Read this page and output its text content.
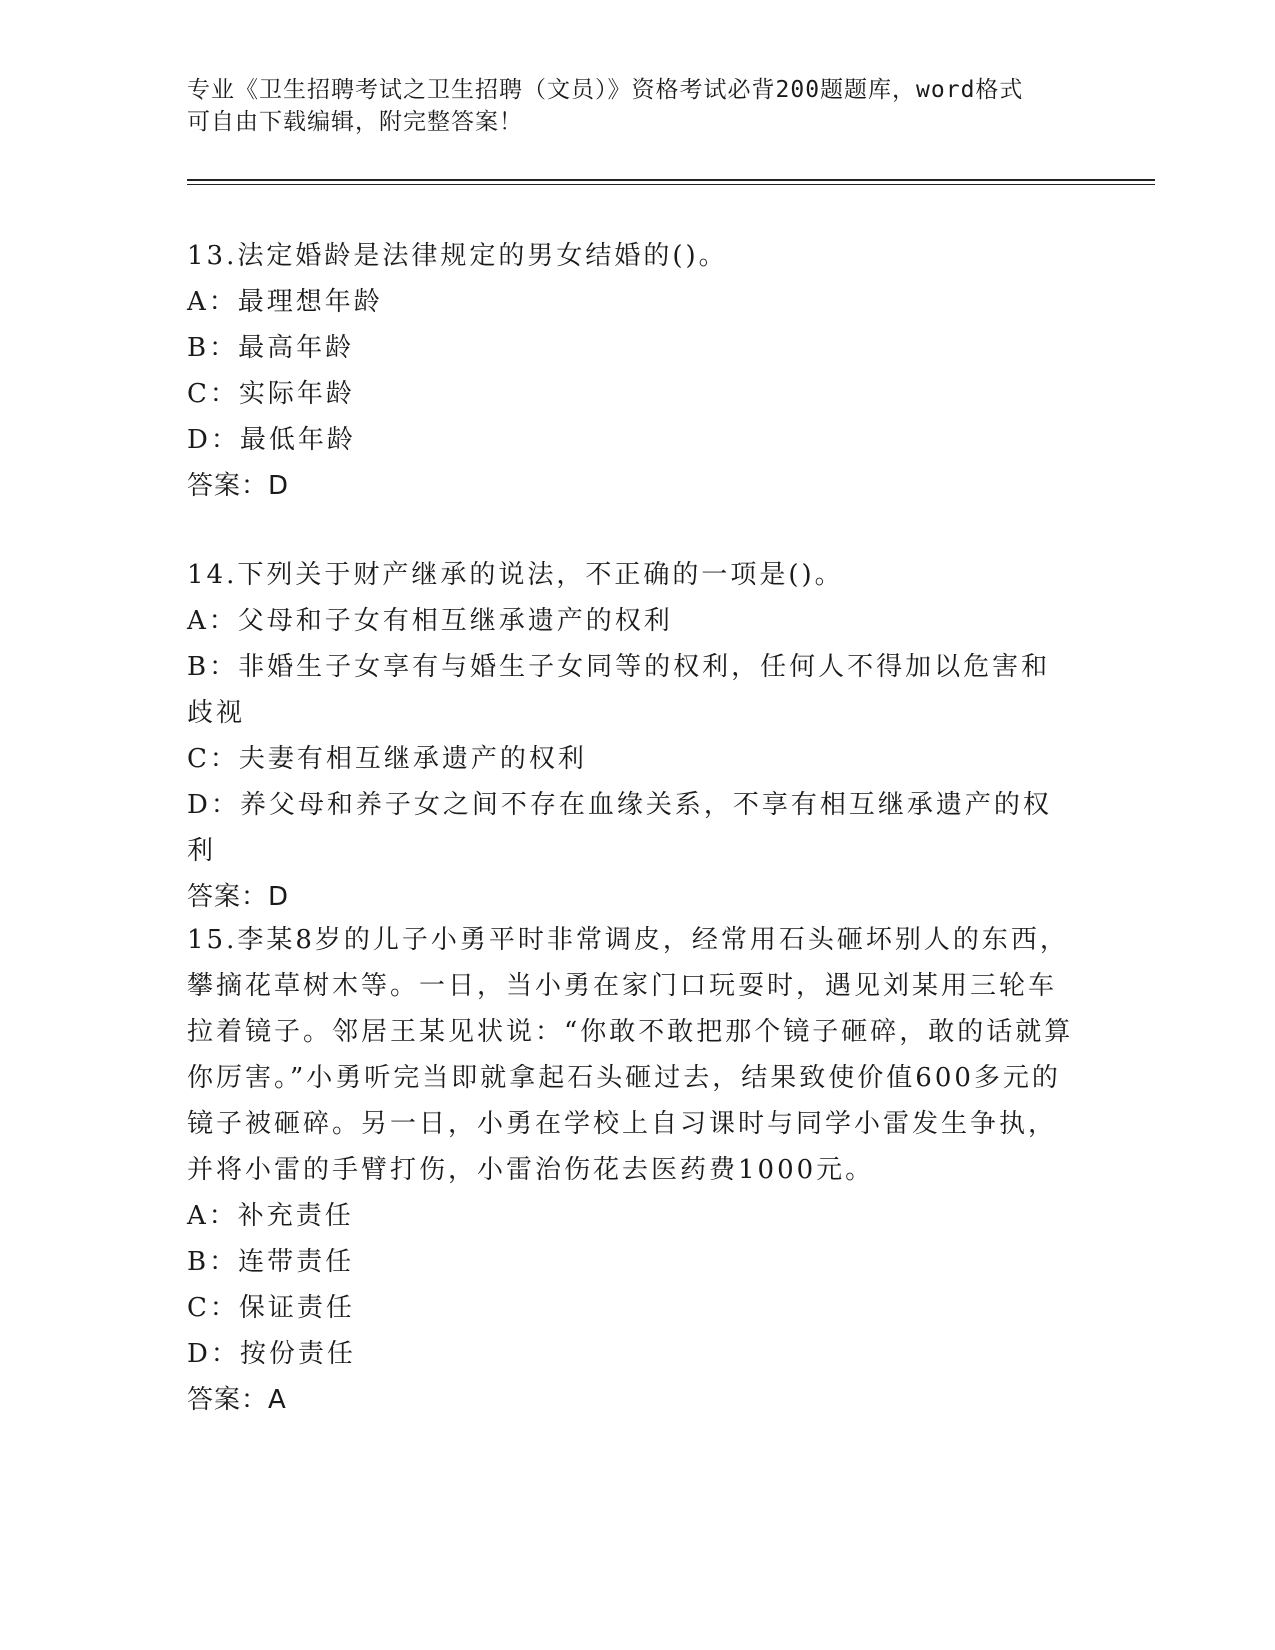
专业《卫生招聘考试之卫生招聘（文员）》资格考试必背200题题库，word格式
可自由下载编辑，附完整答案！
13.法定婚龄是法律规定的男女结婚的()。
A：最理想年龄
B：最高年龄
C：实际年龄
D：最低年龄
答案：D
14.下列关于财产继承的说法，不正确的一项是()。
A：父母和子女有相互继承遗产的权利
B：非婚生子女享有与婚生子女同等的权利，任何人不得加以危害和歧视
C：夫妻有相互继承遗产的权利
D：养父母和养子女之间不存在血缘关系，不享有相互继承遗产的权利
答案：D
15.李某8岁的儿子小勇平时非常调皮，经常用石头砸坏别人的东西，攀摘花草树木等。一日，当小勇在家门口玩耍时，遇见刘某用三轮车拉着镜子。邻居王某见状说：“你敢不敢把那个镜子砸碎，敢的话就算你厉害。”小勇听完当即就拿起石头砸过去，结果致使价值600多元的镜子被砸碎。另一日，小勇在学校上自习课时与同学小雷发生争执，并将小雷的手臂打伤，小雷治伤花去医药费1000元。
A：补充责任
B：连带责任
C：保证责任
D：按份责任
答案：A
